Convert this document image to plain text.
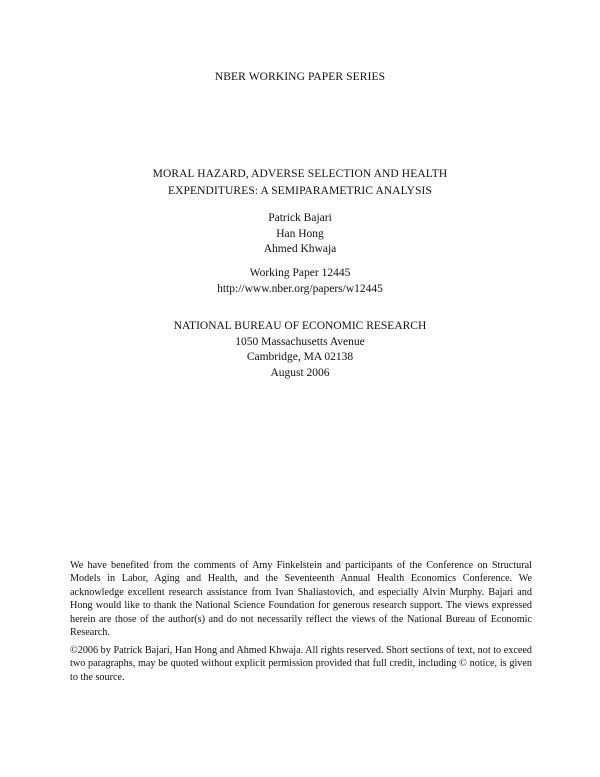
NBER WORKING PAPER SERIES
MORAL HAZARD, ADVERSE SELECTION AND HEALTH
EXPENDITURES: A SEMIPARAMETRIC ANALYSIS
Patrick Bajari
Han Hong
Ahmed Khwaja
Working Paper 12445
http://www.nber.org/papers/w12445
NATIONAL BUREAU OF ECONOMIC RESEARCH
1050 Massachusetts Avenue
Cambridge, MA 02138
August 2006

We have benefited from the comments of Amy Finkelstein and participants of the Conference on Structural Models in Labor, Aging and Health, and the Seventeenth Annual Health Economics Conference. We acknowledge excellent research assistance from Ivan Shaliastovich, and especially Alvin Murphy. Bajari and Hong would like to thank the National Science Foundation for generous research support. The views expressed herein are those of the author(s) and do not necessarily reflect the views of the National Bureau of Economic Research.

©2006 by Patrick Bajari, Han Hong and Ahmed Khwaja. All rights reserved. Short sections of text, not to exceed two paragraphs, may be quoted without explicit permission provided that full credit, including © notice, is given to the source.
